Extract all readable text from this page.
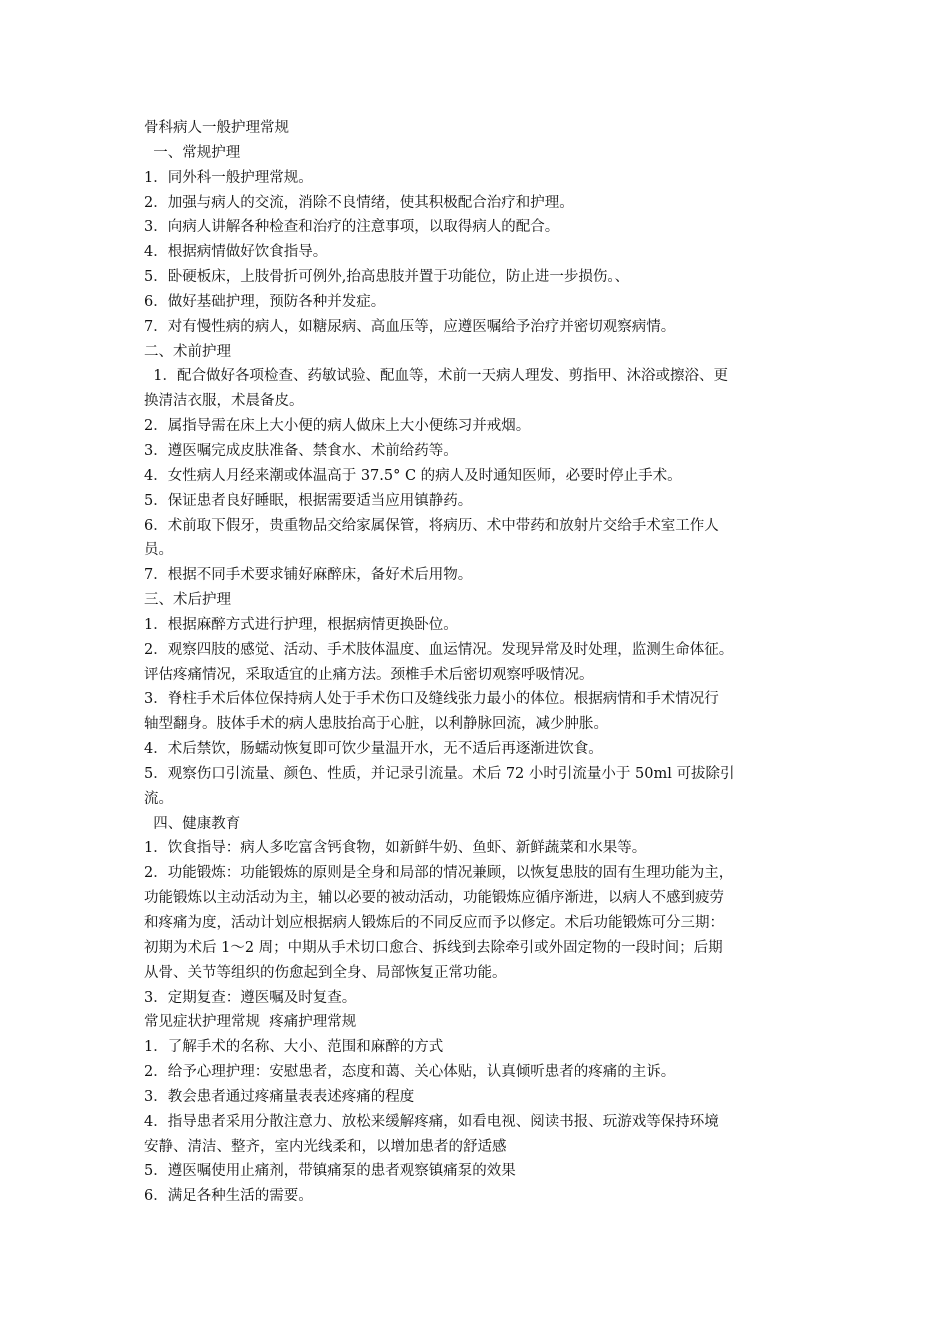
骨科病人一般护理常规
一、常规护理
1．同外科一般护理常规。
2．加强与病人的交流，消除不良情绪，使其积极配合治疗和护理。
3．向病人讲解各种检查和治疗的注意事项，以取得病人的配合。
4．根据病情做好饮食指导。
5．卧硬板床，上肢骨折可例外,抬高患肢并置于功能位，防止进一步损伤。、
6．做好基础护理，预防各种并发症。
7．对有慢性病的病人，如糖尿病、高血压等，应遵医嘱给予治疗并密切观察病情。
二、术前护理
1．配合做好各项检查、药敏试验、配血等，术前一天病人理发、剪指甲、沐浴或擦浴、更
换清洁衣服，术晨备皮。
2．属指导需在床上大小便的病人做床上大小便练习并戒烟。
3．遵医嘱完成皮肤准备、禁食水、术前给药等。
4．女性病人月经来潮或体温高于 37.5° C 的病人及时通知医师，必要时停止手术。
5．保证患者良好睡眠，根据需要适当应用镇静药。
6．术前取下假牙，贵重物品交给家属保管，将病历、术中带药和放射片交给手术室工作人
员。
7．根据不同手术要求铺好麻醉床，备好术后用物。
三、术后护理
1．根据麻醉方式进行护理，根据病情更换卧位。
2．观察四肢的感觉、活动、手术肢体温度、血运情况。发现异常及时处理，监测生命体征。
评估疼痛情况，采取适宜的止痛方法。颈椎手术后密切观察呼吸情况。
3．脊柱手术后体位保持病人处于手术伤口及缝线张力最小的体位。根据病情和手术情况行
轴型翻身。肢体手术的病人患肢抬高于心脏，以利静脉回流，减少肿胀。
4．术后禁饮，肠蠕动恢复即可饮少量温开水，无不适后再逐渐进饮食。
5．观察伤口引流量、颜色、性质，并记录引流量。术后 72 小时引流量小于 50ml 可拔除引
流。
四、健康教育
1．饮食指导：病人多吃富含钙食物，如新鲜牛奶、鱼虾、新鲜蔬菜和水果等。
2．功能锻炼：功能锻炼的原则是全身和局部的情况兼顾，以恢复患肢的固有生理功能为主，
功能锻炼以主动活动为主，辅以必要的被动活动，功能锻炼应循序渐进，以病人不感到疲劳
和疼痛为度，活动计划应根据病人锻炼后的不同反应而予以修定。术后功能锻炼可分三期：
初期为术后 1～2 周；中期从手术切口愈合、拆线到去除牵引或外固定物的一段时间；后期
从骨、关节等组织的伤愈起到全身、局部恢复正常功能。
3．定期复查：遵医嘱及时复查。
常见症状护理常规  疼痛护理常规
1．了解手术的名称、大小、范围和麻醉的方式
2．给予心理护理：安慰患者，态度和蔼、关心体贴，认真倾听患者的疼痛的主诉。
3．教会患者通过疼痛量表表述疼痛的程度
4．指导患者采用分散注意力、放松来缓解疼痛，如看电视、阅读书报、玩游戏等保持环境
安静、清洁、整齐，室内光线柔和，以增加患者的舒适感
5．遵医嘱使用止痛剂，带镇痛泵的患者观察镇痛泵的效果
6．满足各种生活的需要。
